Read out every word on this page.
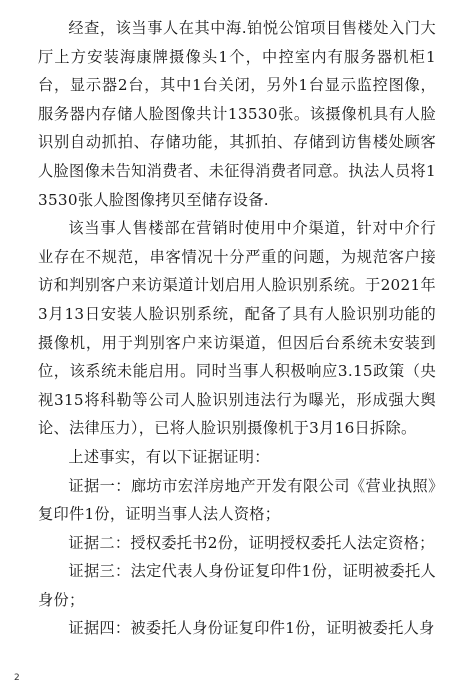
经查，该当事人在其中海.铂悦公馆项目售楼处入门大厅上方安装海康牌摄像头1个，中控室内有服务器机柜1台，显示器2台，其中1台关闭，另外1台显示监控图像，服务器内存储人脸图像共计13530张。该摄像机具有人脸识别自动抓拍、存储功能，其抓拍、存储到访售楼处顾客人脸图像未告知消费者、未征得消费者同意。执法人员将13530张人脸图像拷贝至储存设备.

该当事人售楼部在营销时使用中介渠道，针对中介行业存在不规范，串客情况十分严重的问题，为规范客户接访和判别客户来访渠道计划启用人脸识别系统。于2021年3月13日安装人脸识别系统，配备了具有人脸识别功能的摄像机，用于判别客户来访渠道，但因后台系统未安装到位，该系统未能启用。同时当事人积极响应3.15政策（央视315将科勒等公司人脸识别违法行为曝光，形成强大舆论、法律压力），已将人脸识别摄像机于3月16日拆除。

上述事实，有以下证据证明：

证据一：廊坊市宏洋房地产开发有限公司《营业执照》复印件1份，证明当事人法人资格；

证据二：授权委托书2份，证明授权委托人法定资格；

证据三：法定代表人身份证复印件1份，证明被委托人身份；

证据四：被委托人身份证复印件1份，证明被委托人身

2
